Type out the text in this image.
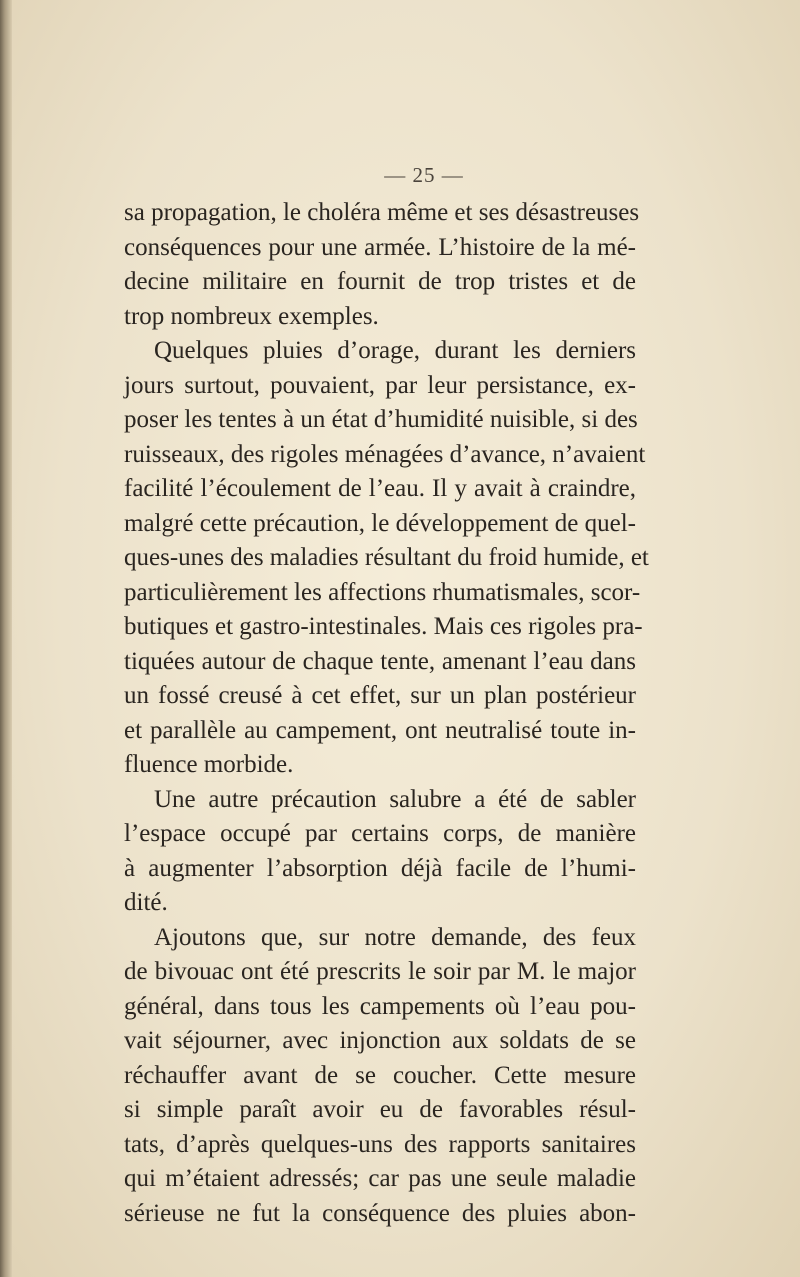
— 25 —
sa propagation, le choléra même et ses désastreuses
conséquences pour une armée. L’histoire de la mé-
decine militaire en fournit de trop tristes et de
trop nombreux exemples.
Quelques pluies d’orage, durant les derniers
jours surtout, pouvaient, par leur persistance, ex-
poser les tentes à un état d’humidité nuisible, si des
ruisseaux, des rigoles ménagées d’avance, n’avaient
facilité l’écoulement de l’eau. Il y avait à craindre,
malgré cette précaution, le développement de quel-
ques-unes des maladies résultant du froid humide, et
particulièrement les affections rhumatismales, scor-
butiques et gastro-intestinales. Mais ces rigoles pra-
tiquées autour de chaque tente, amenant l’eau dans
un fossé creusé à cet effet, sur un plan postérieur
et parallèle au campement, ont neutralisé toute in-
fluence morbide.
Une autre précaution salubre a été de sabler
l’espace occupé par certains corps, de manière
à augmenter l’absorption déjà facile de l’humi-
dité.
Ajoutons que, sur notre demande, des feux
de bivouac ont été prescrits le soir par M. le major
général, dans tous les campements où l’eau pou-
vait séjourner, avec injonction aux soldats de se
réchauffer avant de se coucher. Cette mesure
si simple paraît avoir eu de favorables résul-
tats, d’après quelques-uns des rapports sanitaires
qui m’étaient adressés; car pas une seule maladie
sérieuse ne fut la conséquence des pluies abon-
